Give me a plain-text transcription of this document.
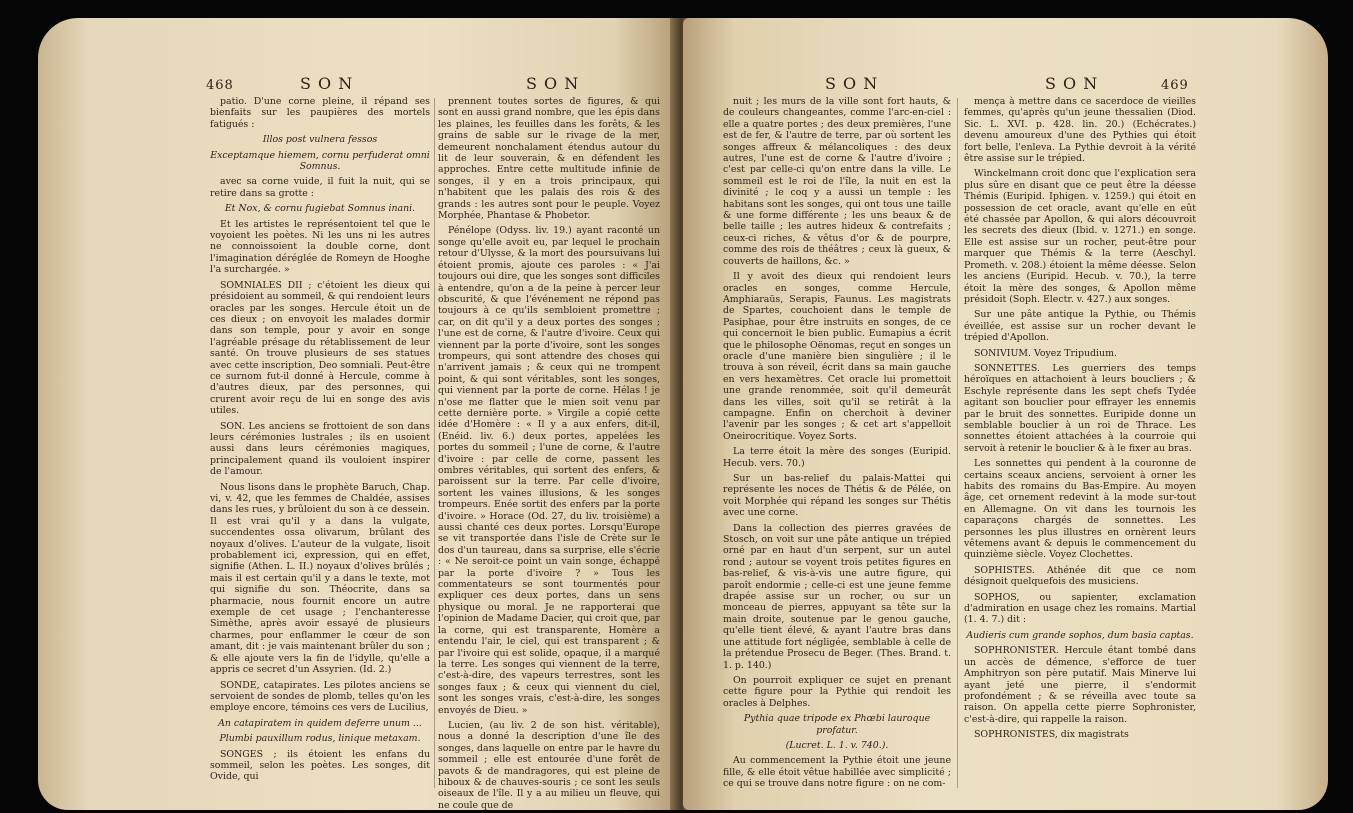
468	S O N	S O N

patio. D'une corne pleine, il répand ses bienfaits sur les paupières des mortels fatigués :

Illos post vulnera fessos

Exceptamque hiemem, cornu perfuderat omni Somnus.

avec sa corne vuide, il fuit la nuit, qui se retire dans sa grotte :

Et Nox, & cornu fugiebat Somnus inani.

Et les artistes le représentoient tel que le voyoient les poètes. Ni les uns ni les autres ne connoissoient la double corne, dont l'imagination déréglée de Romeyn de Hooghe l'a surchargée. »

SOMNIALES DII ; c'étoient les dieux qui présidoient au sommeil, & qui rendoient leurs oracles par les songes. Hercule étoit un de ces dieux ; on envoyoit les malades dormir dans son temple, pour y avoir en songe l'agréable présage du rétablissement de leur santé. On trouve plusieurs de ses statues avec cette inscription, Deo somniali. Peut-être ce surnom fut-il donné à Hercule, comme à d'autres dieux, par des personnes, qui crurent avoir reçu de lui en songe des avis utiles.

SON. Les anciens se frottoient de son dans leurs cérémonies lustrales ; ils en usoient aussi dans leurs cérémonies magiques, principalement quand ils vouloient inspirer de l'amour.

Nous lisons dans le prophète Baruch, Chap. vi, v. 42, que les femmes de Chaldée, assises dans les rues, y brûloient du son à ce dessein. Il est vrai qu'il y a dans la vulgate, succendentes ossa olivarum, brûlant des noyaux d'olives. L'auteur de la vulgate, lisoit probablement ici, expression, qui en effet, signifie (Athen. L. II.) noyaux d'olives brûlés ; mais il est certain qu'il y a dans le texte, mot qui signifie du son. Théocrite, dans sa pharmacie, nous fournit encore un autre exemple de cet usage ; l'enchanteresse Simèthe, après avoir essayé de plusieurs charmes, pour enflammer le cœur de son amant, dit : je vais maintenant brûler du son ; & elle ajoute vers la fin de l'idylle, qu'elle a appris ce secret d'un Assyrien. (Id. 2.)

SONDE, catapirates. Les pilotes anciens se servoient de sondes de plomb, telles qu'on les employe encore, témoins ces vers de Lucilius,

An catapiratem in quidem deferre unum ...

Plumbi pauxillum rodus, linique metaxam.

SONGES ; ils étoient les enfans du sommeil, selon les poètes. Les songes, dit Ovide, qui

prennent toutes sortes de figures, & qui sont en aussi grand nombre, que les épis dans les plaines, les feuilles dans les forêts, & les grains de sable sur le rivage de la mer, demeurent nonchalament étendus autour du lit de leur souverain, & en défendent les approches. Entre cette multitude infinie de songes, il y en a trois principaux, qui n'habitent que les palais des rois & des grands : les autres sont pour le peuple. Voyez Morphée, Phantase & Phobetor.

Pénélope (Odyss. liv. 19.) ayant raconté un songe qu'elle avoit eu, par lequel le prochain retour d'Ulysse, & la mort des poursuivans lui étoient promis, ajoute ces paroles : « J'ai toujours oui dire, que les songes sont difficiles à entendre, qu'on a de la peine à percer leur obscurité, & que l'événement ne répond pas toujours à ce qu'ils sembloient promettre ; car, on dit qu'il y a deux portes des songes ; l'une est de corne, & l'autre d'ivoire. Ceux qui viennent par la porte d'ivoire, sont les songes trompeurs, qui sont attendre des choses qui n'arrivent jamais ; & ceux qui ne trompent point, & qui sont véritables, sont les songes, qui viennent par la porte de corne. Hélas ! je n'ose me flatter que le mien soit venu par cette dernière porte. » Virgile a copié cette idée d'Homère : « Il y a aux enfers, dit-il, (Enéid. liv. 6.) deux portes, appelées les portes du sommeil ; l'une de corne, & l'autre d'ivoire : par celle de corne, passent les ombres véritables, qui sortent des enfers, & paroissent sur la terre. Par celle d'ivoire, sortent les vaines illusions, & les songes trompeurs. Enée sortit des enfers par la porte d'ivoire. » Horace (Od. 27, du liv. troisième) a aussi chanté ces deux portes. Lorsqu'Europe se vit transportée dans l'isle de Crète sur le dos d'un taureau, dans sa surprise, elle s'écrie : « Ne seroit-ce point un vain songe, échappé par la porte d'ivoire ? » Tous les commentateurs se sont tourmentés pour expliquer ces deux portes, dans un sens physique ou moral. Je ne rapporterai que l'opinion de Madame Dacier, qui croit que, par la corne, qui est transparente, Homère a entendu l'air, le ciel, qui est transparent ; & par l'ivoire qui est solide, opaque, il a marqué la terre. Les songes qui viennent de la terre, c'est-à-dire, des vapeurs terrestres, sont les songes faux ; & ceux qui viennent du ciel, sont les songes vrais, c'est-à-dire, les songes envoyés de Dieu. »

Lucien, (au liv. 2 de son hist. véritable), nous a donné la description d'une île des songes, dans laquelle on entre par le havre du sommeil ; elle est entourée d'une forêt de pavots & de mandragores, qui est pleine de hiboux & de chauves-souris ; ce sont les seuls oiseaux de l'île. Il y a au milieu un fleuve, qui ne coule que de

S O N	S O N	469

nuit ; les murs de la ville sont fort hauts, & de couleurs changeantes, comme l'arc-en-ciel : elle a quatre portes ; des deux premières, l'une est de fer, & l'autre de terre, par où sortent les songes affreux & mélancoliques : des deux autres, l'une est de corne & l'autre d'ivoire ; c'est par celle-ci qu'on entre dans la ville. Le sommeil est le roi de l'île, la nuit en est la divinité ; le coq y a aussi un temple : les habitans sont les songes, qui ont tous une taille & une forme différente ; les uns beaux & de belle taille ; les autres hideux & contrefaits ; ceux-ci riches, & vêtus d'or & de pourpre, comme des rois de théâtres ; ceux là gueux, & couverts de haillons, &c. »

Il y avoit des dieux qui rendoient leurs oracles en songes, comme Hercule, Amphiaraüs, Serapis, Faunus. Les magistrats de Spartes, couchoient dans le temple de Pasiphae, pour être instruits en songes, de ce qui concernoit le bien public. Eumapius a écrit que le philosophe Oënomas, reçut en songes un oracle d'une manière bien singulière ; il le trouva à son réveil, écrit dans sa main gauche en vers hexamètres. Cet oracle lui promettoit une grande renommée, soit qu'il demeurât dans les villes, soit qu'il se retirât à la campagne. Enfin on cherchoit à deviner l'avenir par les songes ; & cet art s'appelloit Oneirocritique. Voyez Sorts.

La terre étoit la mère des songes (Euripid. Hecub. vers. 70.)

Sur un bas-relief du palais-Mattei qui représente les noces de Thétis & de Pélée, on voit Morphée qui répand les songes sur Thétis avec une corne.

Dans la collection des pierres gravées de Stosch, on voit sur une pâte antique un trépied orné par en haut d'un serpent, sur un autel rond ; autour se voyent trois petites figures en bas-relief, & vis-à-vis une autre figure, qui paroît endormie ; celle-ci est une jeune femme drapée assise sur un rocher, ou sur un monceau de pierres, appuyant sa tête sur la main droite, soutenue par le genou gauche, qu'elle tient élevé, & ayant l'autre bras dans une attitude fort négligée, semblable à celle de la prétendue Prosecu de Beger. (Thes. Brand. t. 1. p. 140.)

On pourroit expliquer ce sujet en prenant cette figure pour la Pythie qui rendoit les oracles à Delphes.

Pythia quae tripode ex Phœbi lauroque profatur.

(Lucret. L. 1. v. 740.).

Au commencement la Pythie étoit une jeune fille, & elle étoit vêtue habillée avec simplicité ; ce qui se trouve dans notre figure : on ne com-

mença à mettre dans ce sacerdoce de vieilles femmes, qu'après qu'un jeune thessalien (Diod. Sic. L. XVI. p. 428. lin. 20.) (Echécrates.) devenu amoureux d'une des Pythies qui étoit fort belle, l'enleva. La Pythie devroit à la vérité être assise sur le trépied.

Winckelmann croit donc que l'explication sera plus sûre en disant que ce peut être la déesse Thémis (Euripid. Iphigen. v. 1259.) qui étoit en possession de cet oracle, avant qu'elle en eût été chassée par Apollon, & qui alors découvroit les secrets des dieux (Ibid. v. 1271.) en songe. Elle est assise sur un rocher, peut-être pour marquer que Thémis & la terre (Aeschyl. Prometh. v. 208.) étoient la même déesse. Selon les anciens (Euripid. Hecub. v. 70.), la terre étoit la mère des songes, & Apollon même présidoit (Soph. Electr. v. 427.) aux songes.

Sur une pâte antique la Pythie, ou Thémis éveillée, est assise sur un rocher devant le trépied d'Apollon.

SONIVIUM. Voyez Tripudium.

SONNETTES. Les guerriers des temps héroïques en attachoient à leurs boucliers ; & Eschyle représente dans les sept chefs Tydée agitant son bouclier pour effrayer les ennemis par le bruit des sonnettes. Euripide donne un semblable bouclier à un roi de Thrace. Les sonnettes étoient attachées à la courroie qui servoit à retenir le bouclier & à le fixer au bras.

Les sonnettes qui pendent à la couronne de certains sceaux anciens, servoient à orner les habits des romains du Bas-Empire. Au moyen âge, cet ornement redevint à la mode sur-tout en Allemagne. On vit dans les tournois les caparaçons chargés de sonnettes. Les personnes les plus illustres en ornèrent leurs vêtemens avant & depuis le commencement du quinzième siècle. Voyez Clochettes.

SOPHISTES. Athénée dit que ce nom désignoit quelquefois des musiciens.

SOPHOS, ou sapienter, exclamation d'admiration en usage chez les romains. Martial (1. 4. 7.) dit :

Audieris cum grande sophos, dum basia captas.

SOPHRONISTER. Hercule étant tombé dans un accès de démence, s'efforce de tuer Amphitryon son père putatif. Mais Minerve lui ayant jeté une pierre, il s'endormit profondément ; & se réveilla avec toute sa raison. On appella cette pierre Sophronister, c'est-à-dire, qui rappelle la raison.

SOPHRONISTES, dix magistrats
